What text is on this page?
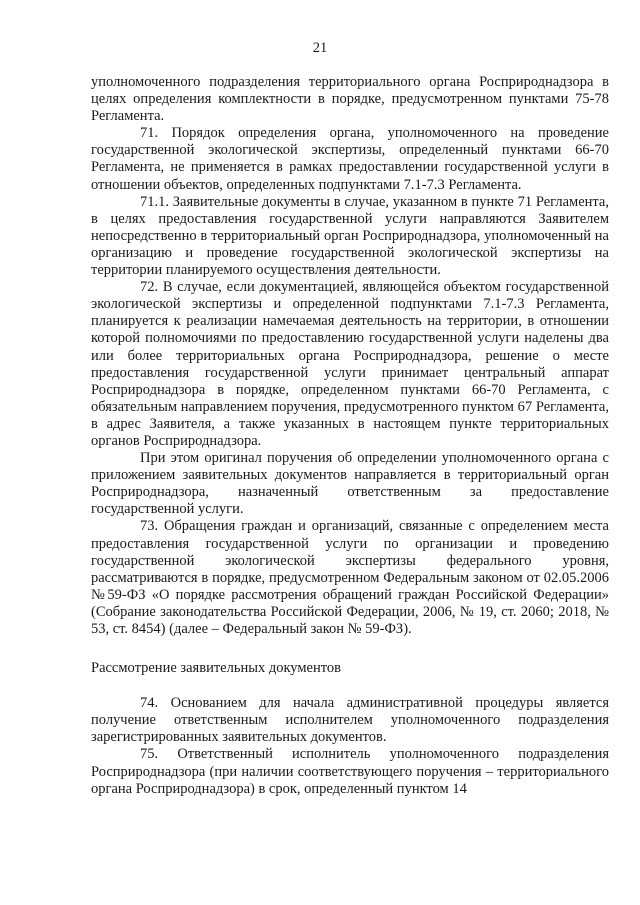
21

уполномоченного подразделения территориального органа Росприроднадзора в целях определения комплектности в порядке, предусмотренном пунктами 75-78 Регламента.

71. Порядок определения органа, уполномоченного на проведение государственной экологической экспертизы, определенный пунктами 66-70 Регламента, не применяется в рамках предоставлении государственной услуги в отношении объектов, определенных подпунктами 7.1-7.3 Регламента.

71.1. Заявительные документы в случае, указанном в пункте 71 Регламента, в целях предоставления государственной услуги направляются Заявителем непосредственно в территориальный орган Росприроднадзора, уполномоченный на организацию и проведение государственной экологической экспертизы на территории планируемого осуществления деятельности.

72. В случае, если документацией, являющейся объектом государственной экологической экспертизы и определенной подпунктами 7.1-7.3 Регламента, планируется к реализации намечаемая деятельность на территории, в отношении которой полномочиями по предоставлению государственной услуги наделены два или более территориальных органа Росприроднадзора, решение о месте предоставления государственной услуги принимает центральный аппарат Росприроднадзора в порядке, определенном пунктами 66-70 Регламента, с обязательным направлением поручения, предусмотренного пунктом 67 Регламента, в адрес Заявителя, а также указанных в настоящем пункте территориальных органов Росприроднадзора.

При этом оригинал поручения об определении уполномоченного органа с приложением заявительных документов направляется в территориальный орган Росприроднадзора, назначенный ответственным за предоставление государственной услуги.

73. Обращения граждан и организаций, связанные с определением места предоставления государственной услуги по организации и проведению государственной экологической экспертизы федерального уровня, рассматриваются в порядке, предусмотренном Федеральным законом от 02.05.2006 №59-ФЗ «О порядке рассмотрения обращений граждан Российской Федерации» (Собрание законодательства Российской Федерации, 2006, № 19, ст. 2060; 2018, № 53, ст. 8454) (далее – Федеральный закон № 59-ФЗ).

Рассмотрение заявительных документов

74. Основанием для начала административной процедуры является получение ответственным исполнителем уполномоченного подразделения зарегистрированных заявительных документов.

75. Ответственный исполнитель уполномоченного подразделения Росприроднадзора (при наличии соответствующего поручения – территориального органа Росприроднадзора) в срок, определенный пунктом 14
